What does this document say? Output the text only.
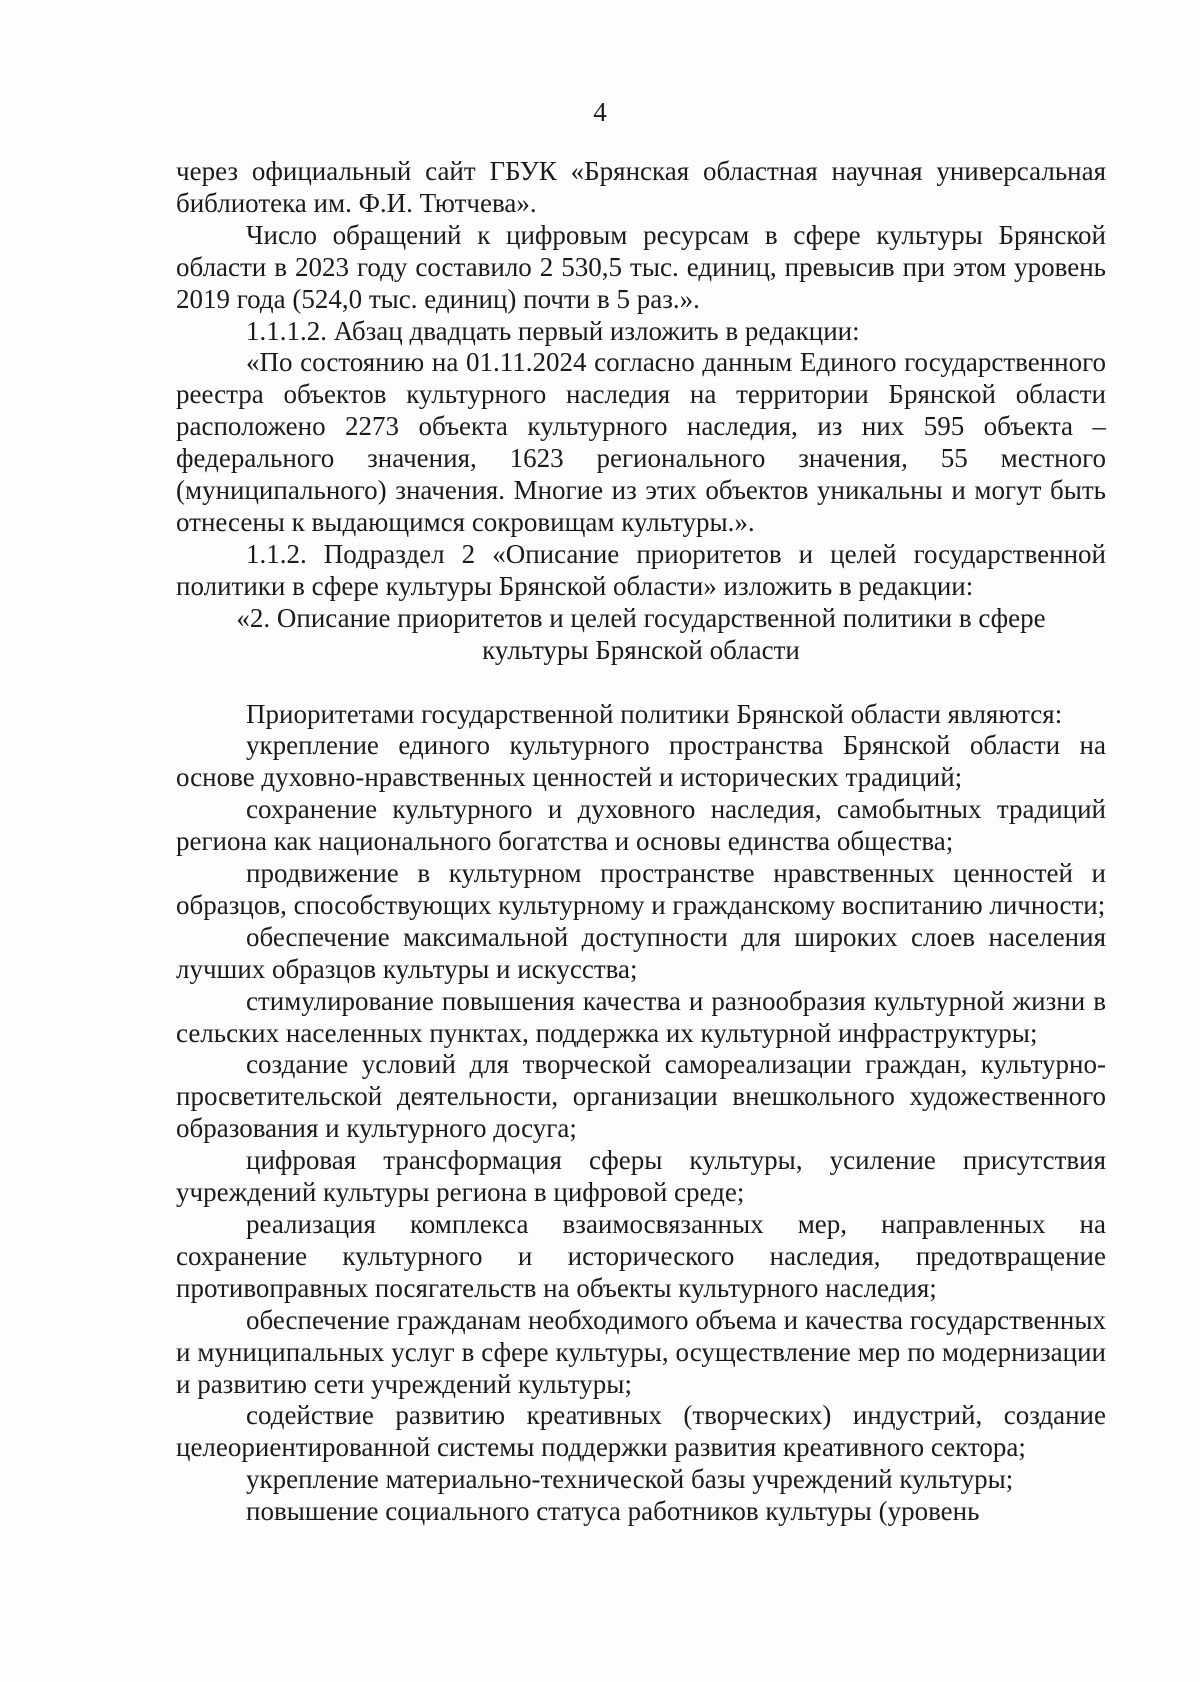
4

через официальный сайт ГБУК «Брянская областная научная универсальная библиотека им. Ф.И. Тютчева».

Число обращений к цифровым ресурсам в сфере культуры Брянской области в 2023 году составило 2 530,5 тыс. единиц, превысив при этом уровень 2019 года (524,0 тыс. единиц) почти в 5 раз.».

1.1.1.2. Абзац двадцать первый изложить в редакции:

«По состоянию на 01.11.2024 согласно данным Единого государственного реестра объектов культурного наследия на территории Брянской области расположено 2273 объекта культурного наследия, из них 595 объекта – федерального значения, 1623 регионального значения, 55 местного (муниципального) значения. Многие из этих объектов уникальны и могут быть отнесены к выдающимся сокровищам культуры.».

1.1.2. Подраздел 2 «Описание приоритетов и целей государственной политики в сфере культуры Брянской области» изложить в редакции:

«2. Описание приоритетов и целей государственной политики в сфере культуры Брянской области

Приоритетами государственной политики Брянской области являются:

укрепление единого культурного пространства Брянской области на основе духовно-нравственных ценностей и исторических традиций;

сохранение культурного и духовного наследия, самобытных традиций региона как национального богатства и основы единства общества;

продвижение в культурном пространстве нравственных ценностей и образцов, способствующих культурному и гражданскому воспитанию личности;

обеспечение максимальной доступности для широких слоев населения лучших образцов культуры и искусства;

стимулирование повышения качества и разнообразия культурной жизни в сельских населенных пунктах, поддержка их культурной инфраструктуры;

создание условий для творческой самореализации граждан, культурно-просветительской деятельности, организации внешкольного художественного образования и культурного досуга;

цифровая трансформация сферы культуры, усиление присутствия учреждений культуры региона в цифровой среде;

реализация комплекса взаимосвязанных мер, направленных на сохранение культурного и исторического наследия, предотвращение противоправных посягательств на объекты культурного наследия;

обеспечение гражданам необходимого объема и качества государственных и муниципальных услуг в сфере культуры, осуществление мер по модернизации и развитию сети учреждений культуры;

содействие развитию креативных (творческих) индустрий, создание целеориентированной системы поддержки развития креативного сектора;

укрепление материально-технической базы учреждений культуры;

повышение социального статуса работников культуры (уровень
